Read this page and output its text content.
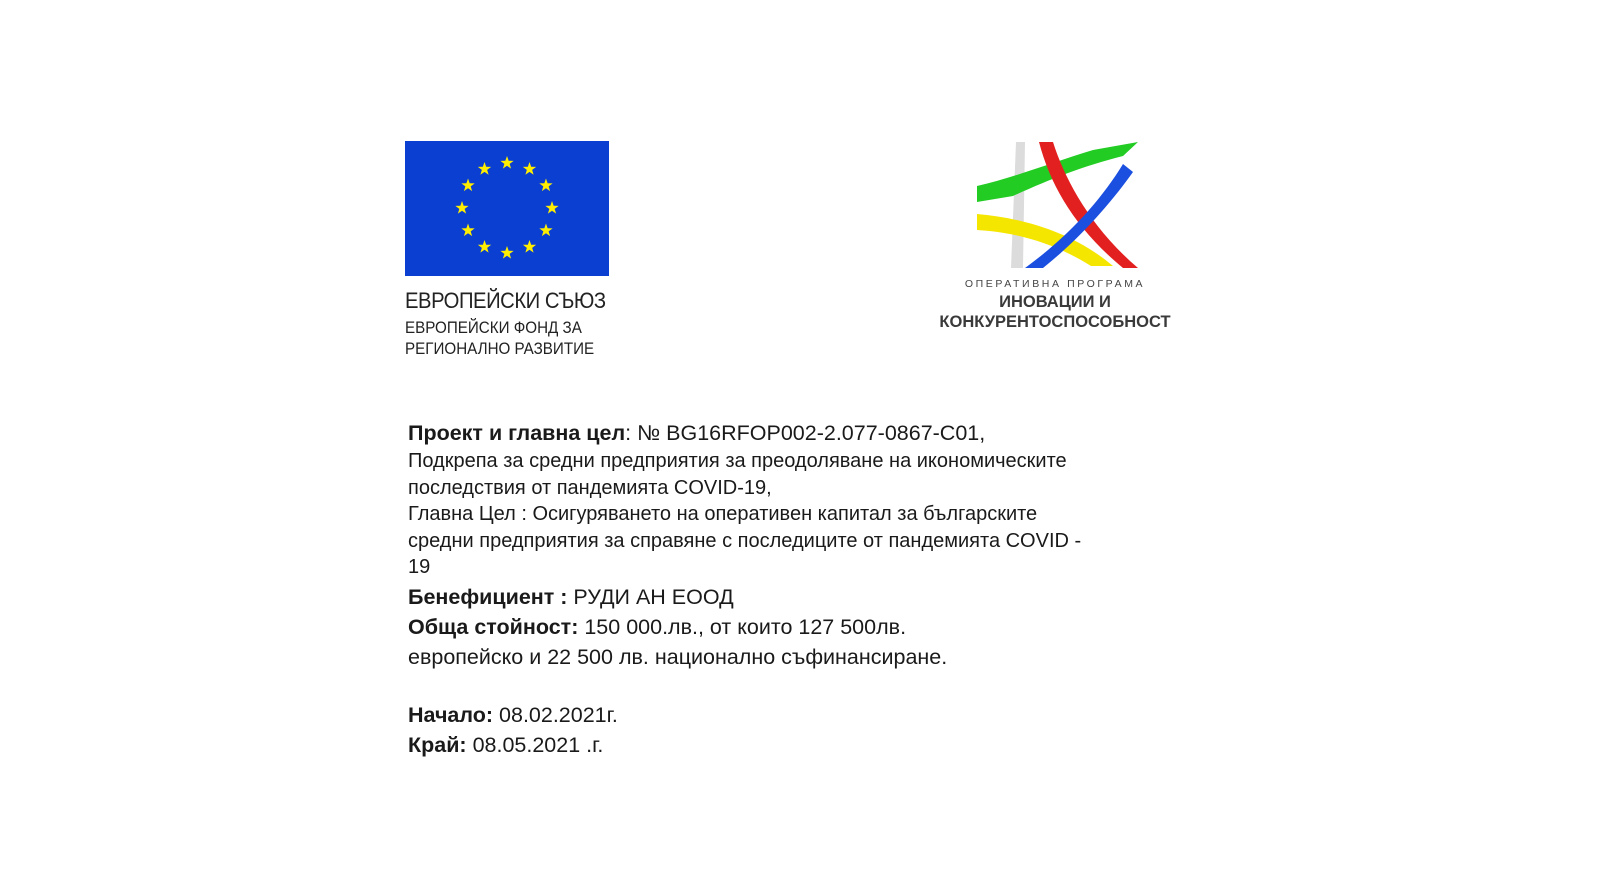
ЕВРОПЕЙСКИ СЪЮЗ
ЕВРОПЕЙСКИ ФОНД ЗА
РЕГИОНАЛНО РАЗВИТИЕ
ОПЕРАТИВНА ПРОГРАМА
ИНОВАЦИИ И
КОНКУРЕНТОСПОСОБНОСТ
Проект и главна цел: № BG16RFOP002-2.077-0867-C01,
Подкрепа за средни предприятия за преодоляване на икономическите
последствия от пандемията COVID-19,
Главна Цел : Осигуряването на оперативен капитал за българските
средни предприятия за справяне с последиците от пандемията COVID -
19
Бенефициент : РУДИ АН ЕООД
Обща стойност: 150 000.лв., от които 127 500лв.
европейско и 22 500 лв. национално съфинансиране.
Начало: 08.02.2021г.
Край: 08.05.2021 .г.
